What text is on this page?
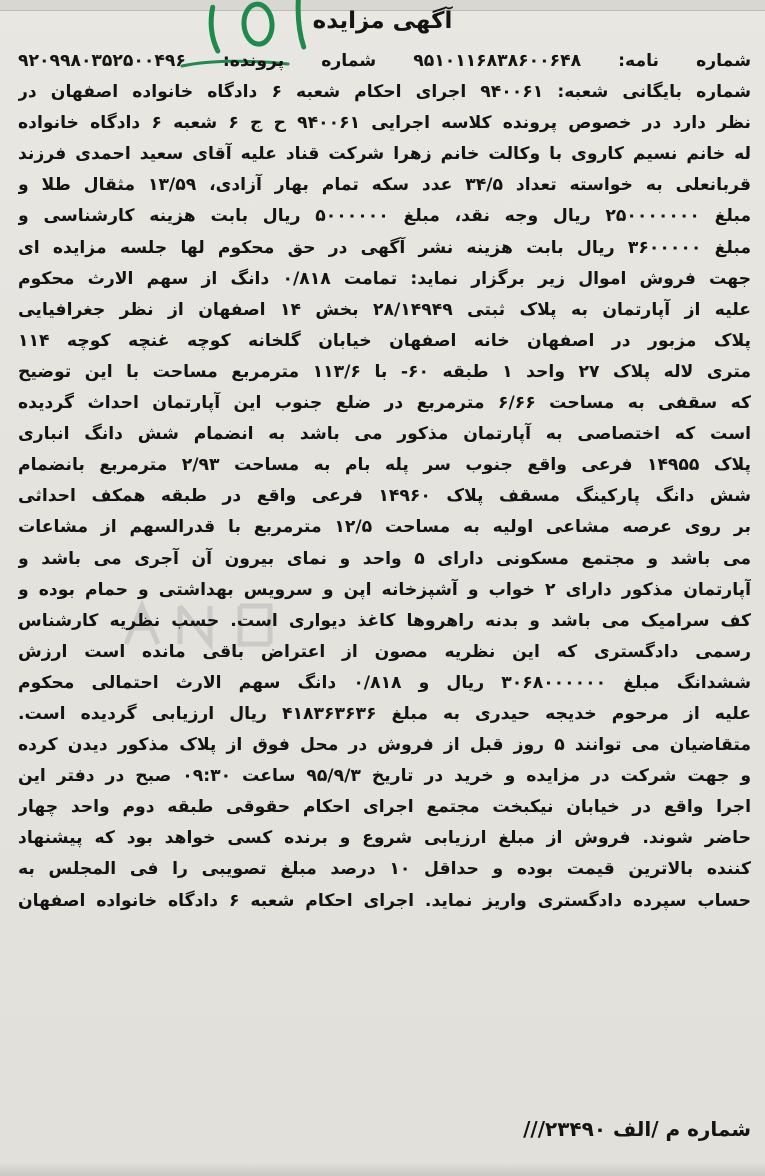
آگهی مزایده
شماره نامه: ۹۵۱۰۱۱۶۸۳۸۶۰۰۶۴۸ شماره پرونده: ۹۲۰۹۹۸۰۳۵۲۵۰۰۴۹۶
شماره بایگانی شعبه: ۹۴۰۰۶۱ اجرای احکام شعبه ۶ دادگاه خانواده اصفهان در
نظر دارد در خصوص پرونده کلاسه اجرایی ۹۴۰۰۶۱ ح ج ۶ شعبه ۶ دادگاه خانواده
له خانم نسیم کاروی با وکالت خانم زهرا شرکت قناد علیه آقای سعید احمدی فرزند
قربانعلی به خواسته تعداد ۳۴/۵ عدد سکه تمام بهار آزادی، ۱۳/۵۹ مثقال طلا و
مبلغ ۲۵۰۰۰۰۰۰۰ ریال وجه نقد، مبلغ ۵۰۰۰۰۰۰ ریال بابت هزینه کارشناسی و
مبلغ ۳۶۰۰۰۰۰ ریال بابت هزینه نشر آگهی در حق محکوم لها جلسه مزایده ای
جهت فروش اموال زیر برگزار نماید: تمامت ۰/۸۱۸ دانگ از سهم الارث محکوم
علیه از آپارتمان به پلاک ثبتی ۲۸/۱۴۹۴۹ بخش ۱۴ اصفهان از نظر جغرافیایی
پلاک مزبور در اصفهان خانه اصفهان خیابان گلخانه کوچه غنچه کوچه ۱۱۴
متری لاله پلاک ۲۷ واحد ۱ طبقه ۶۰- با ۱۱۳/۶ مترمربع مساحت با این توضیح
که سقفی به مساحت ۶/۶۶ مترمربع در ضلع جنوب این آپارتمان احداث گردیده
است که اختصاصی به آپارتمان مذکور می باشد به انضمام شش دانگ انباری
پلاک ۱۴۹۵۵ فرعی واقع جنوب سر پله بام به مساحت ۲/۹۳ مترمربع بانضمام
شش دانگ پارکینگ مسقف پلاک ۱۴۹۶۰ فرعی واقع در طبقه همکف احداثی
بر روی عرصه مشاعی اولیه به مساحت ۱۲/۵ مترمربع با قدرالسهم از مشاعات
می باشد و مجتمع مسکونی دارای ۵ واحد و نمای بیرون آن آجری می باشد و
آپارتمان مذکور دارای ۲ خواب و آشپزخانه اپن و سرویس بهداشتی و حمام بوده و
کف سرامیک می باشد و بدنه راهروها کاغذ دیواری است. حسب نظریه کارشناس
رسمی دادگستری که این نظریه مصون از اعتراض باقی مانده است ارزش
ششدانگ مبلغ ۳۰۶۸۰۰۰۰۰۰ ریال و ۰/۸۱۸ دانگ سهم الارث احتمالی محکوم
علیه از مرحوم خدیجه حیدری به مبلغ ۴۱۸۳۶۳۶۳۶ ریال ارزیابی گردیده است.
متقاضیان می توانند ۵ روز قبل از فروش در محل فوق از پلاک مذکور دیدن کرده
و جهت شرکت در مزایده و خرید در تاریخ ۹۵/۹/۳ ساعت ۰۹:۳۰ صبح در دفتر این
اجرا واقع در خیابان نیکبخت مجتمع اجرای احکام حقوقی طبقه دوم واحد چهار
حاضر شوند. فروش از مبلغ ارزیابی شروع و برنده کسی خواهد بود که پیشنهاد
کننده بالاترین قیمت بوده و حداقل ۱۰ درصد مبلغ تصویبی را فی المجلس به
حساب سپرده دادگستری واریز نماید. اجرای احکام شعبه ۶ دادگاه خانواده اصفهان
شماره م /الف ۲۳۴۹۰///
